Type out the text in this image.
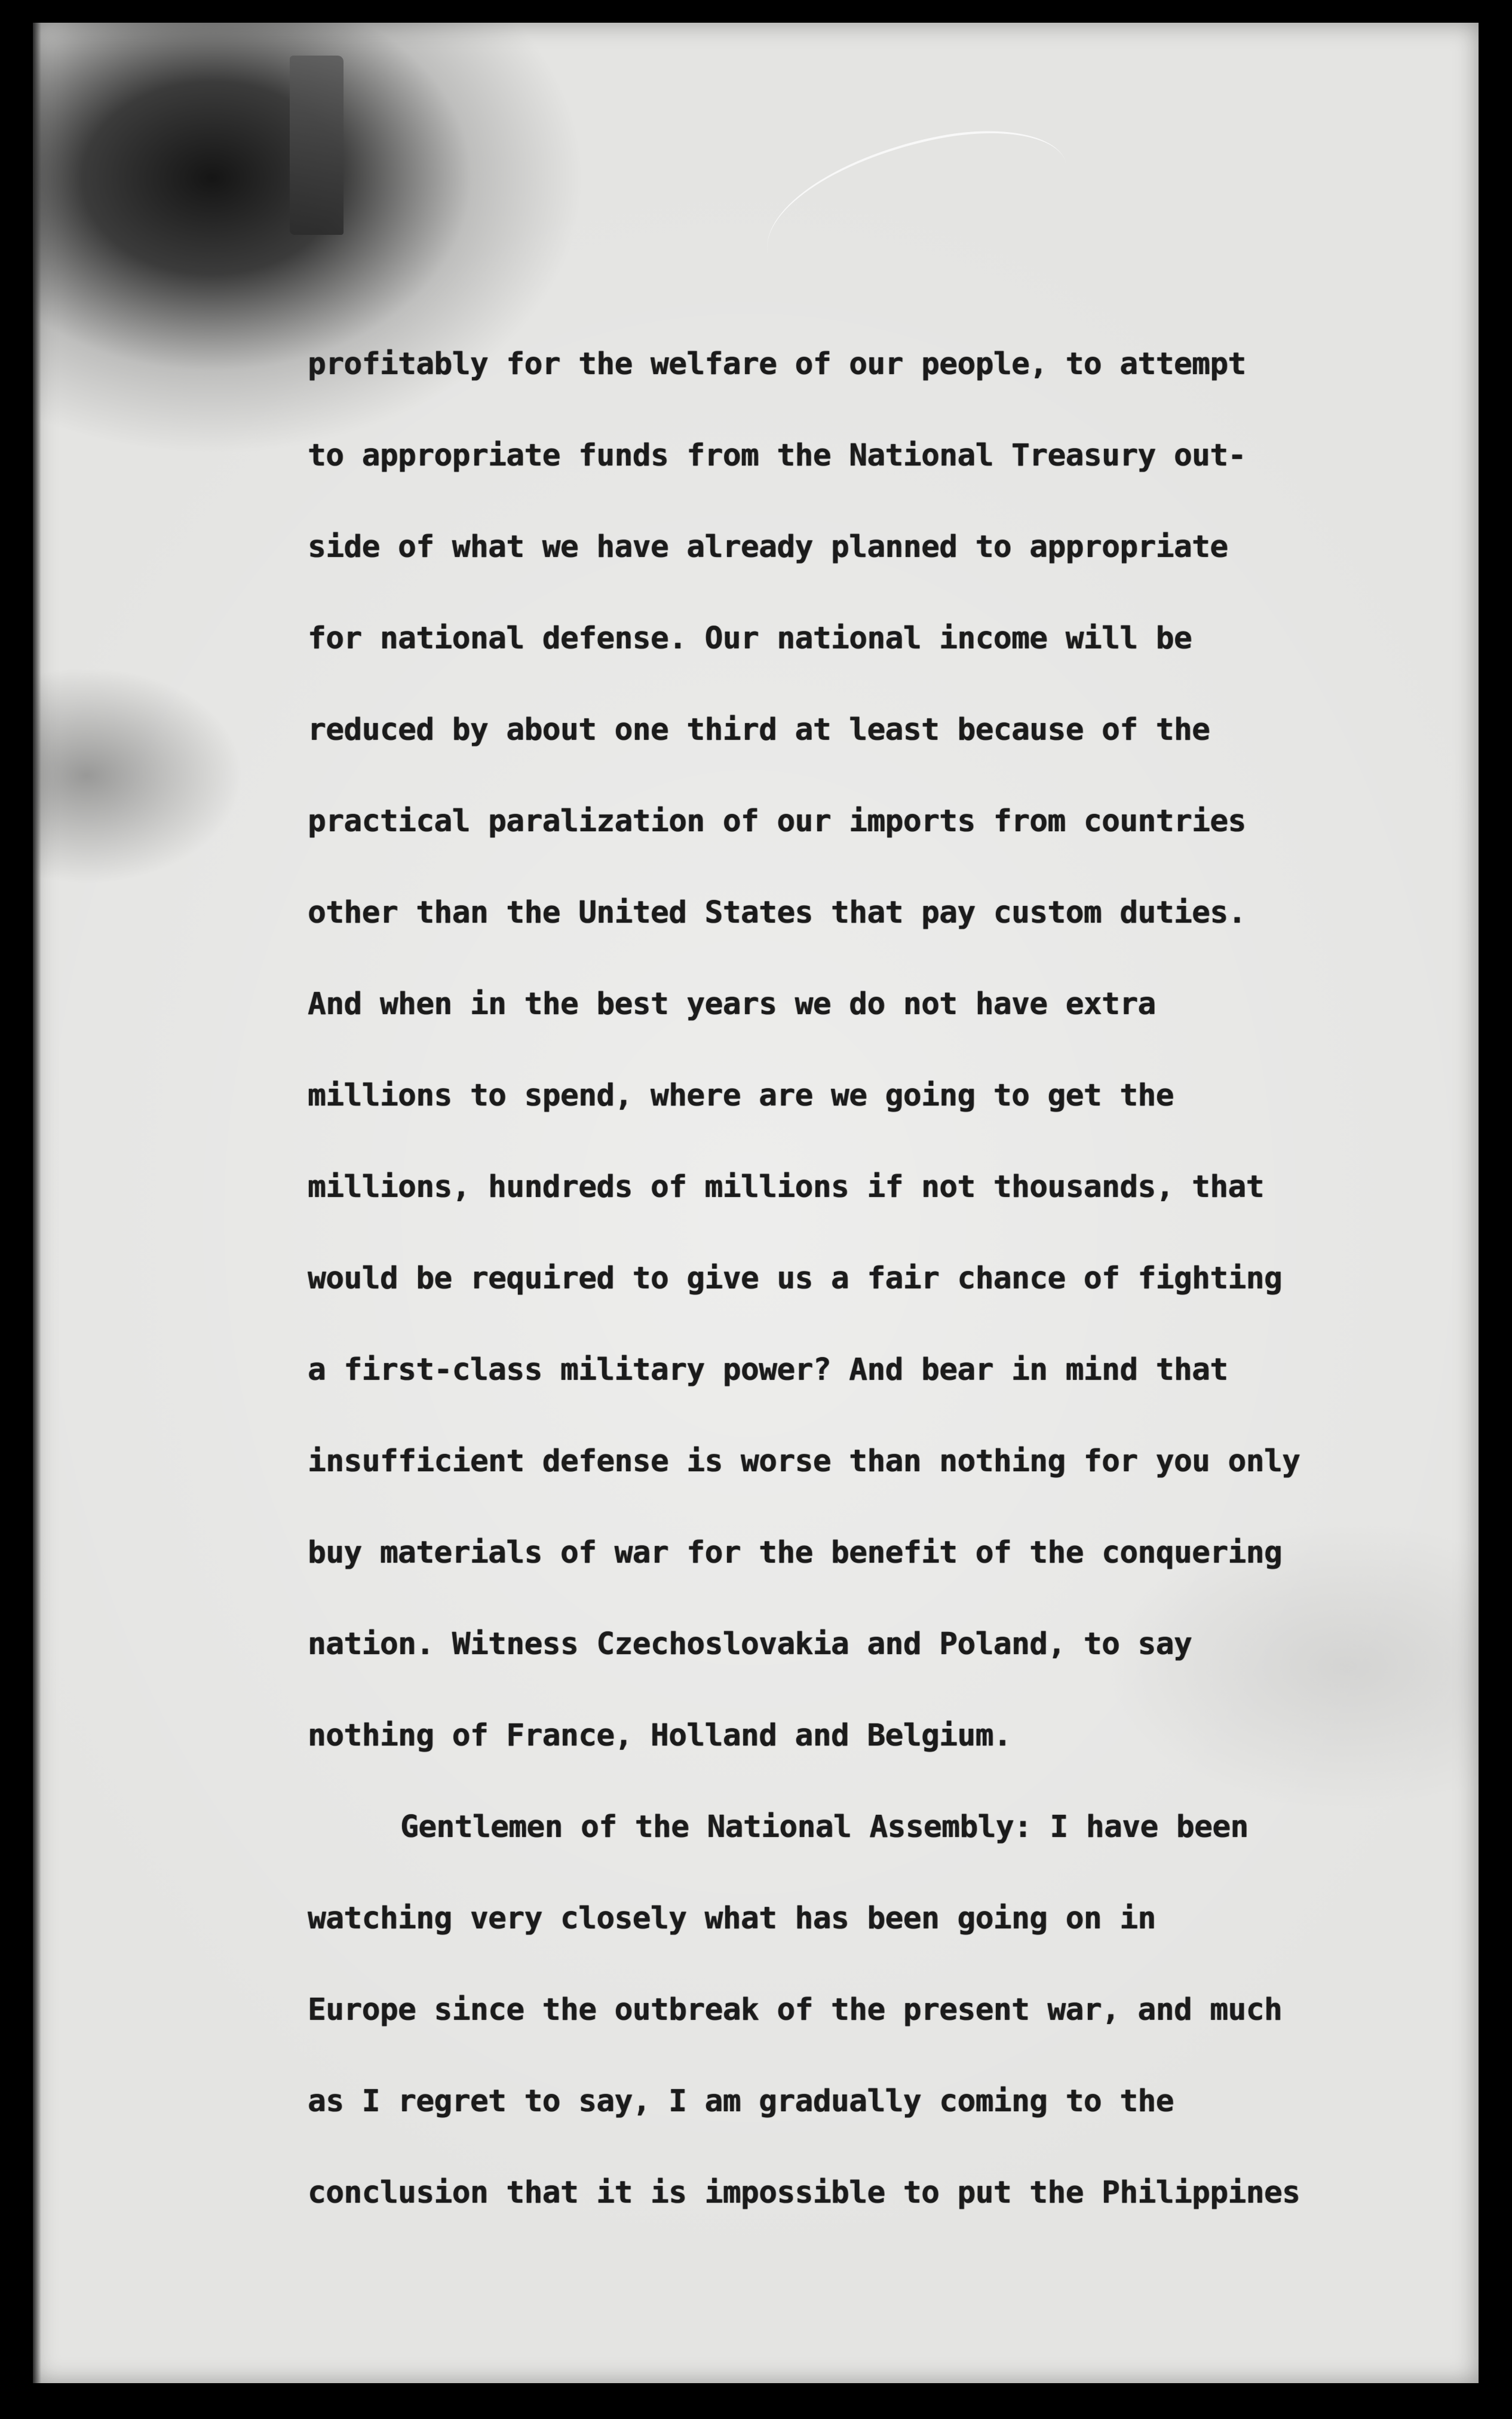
profitably for the welfare of our people, to attempt
to appropriate funds from the National Treasury out-
side of what we have already planned to appropriate
for national defense. Our national income will be
reduced by about one third at least because of the
practical paralization of our imports from countries
other than the United States that pay custom duties.
And when in the best years we do not have extra
millions to spend, where are we going to get the
millions, hundreds of millions if not thousands, that
would be required to give us a fair chance of fighting
a first-class military power? And bear in mind that
insufficient defense is worse than nothing for you only
buy materials of war for the benefit of the conquering
nation. Witness Czechoslovakia and Poland, to say
nothing of France, Holland and Belgium.
Gentlemen of the National Assembly: I have been
watching very closely what has been going on in
Europe since the outbreak of the present war, and much
as I regret to say, I am gradually coming to the
conclusion that it is impossible to put the Philippines
